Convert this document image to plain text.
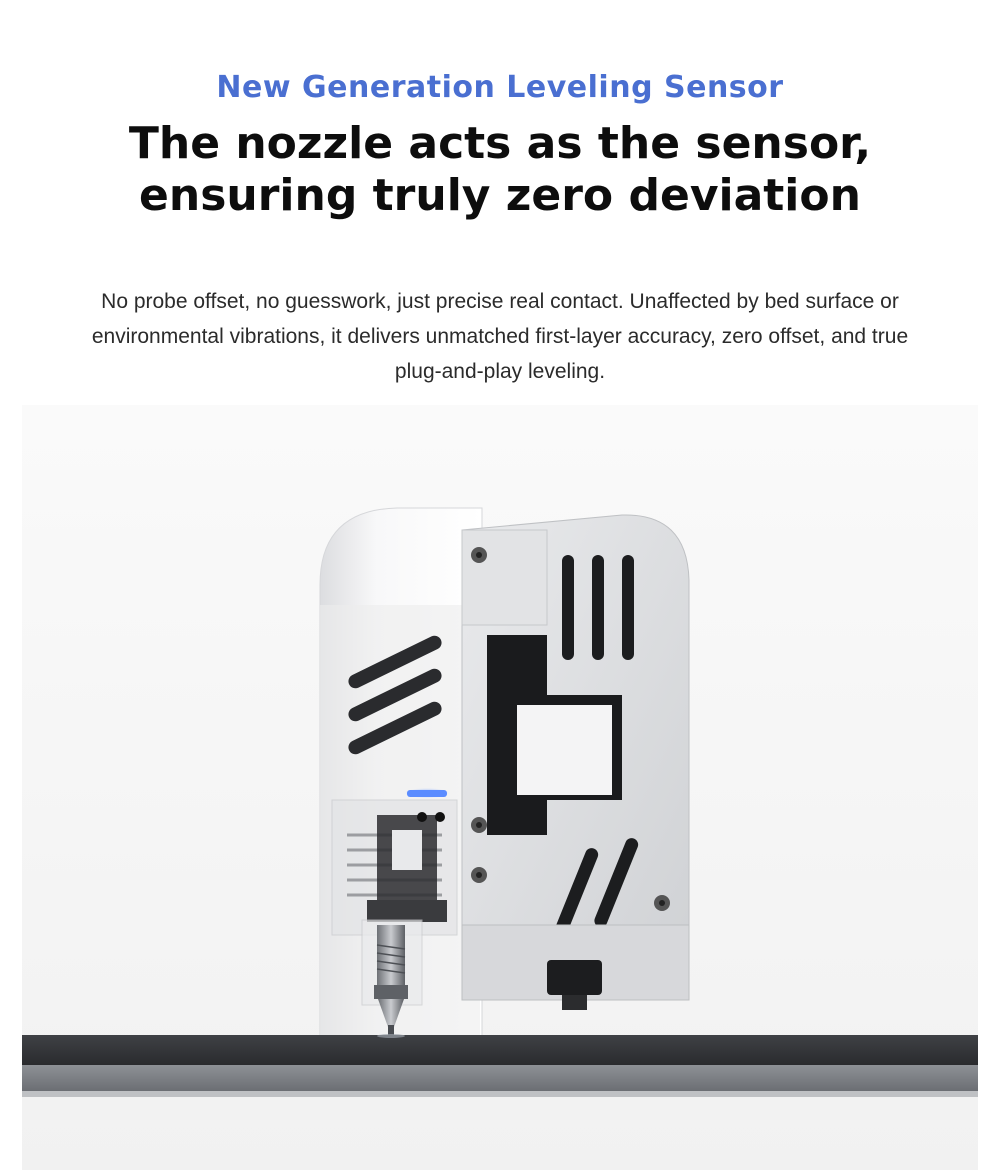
New Generation Leveling Sensor
The nozzle acts as the sensor, ensuring truly zero deviation

No probe offset, no guesswork, just precise real contact. Unaffected by bed surface or environmental vibrations, it delivers unmatched first-layer accuracy, zero offset, and true plug-and-play leveling.
